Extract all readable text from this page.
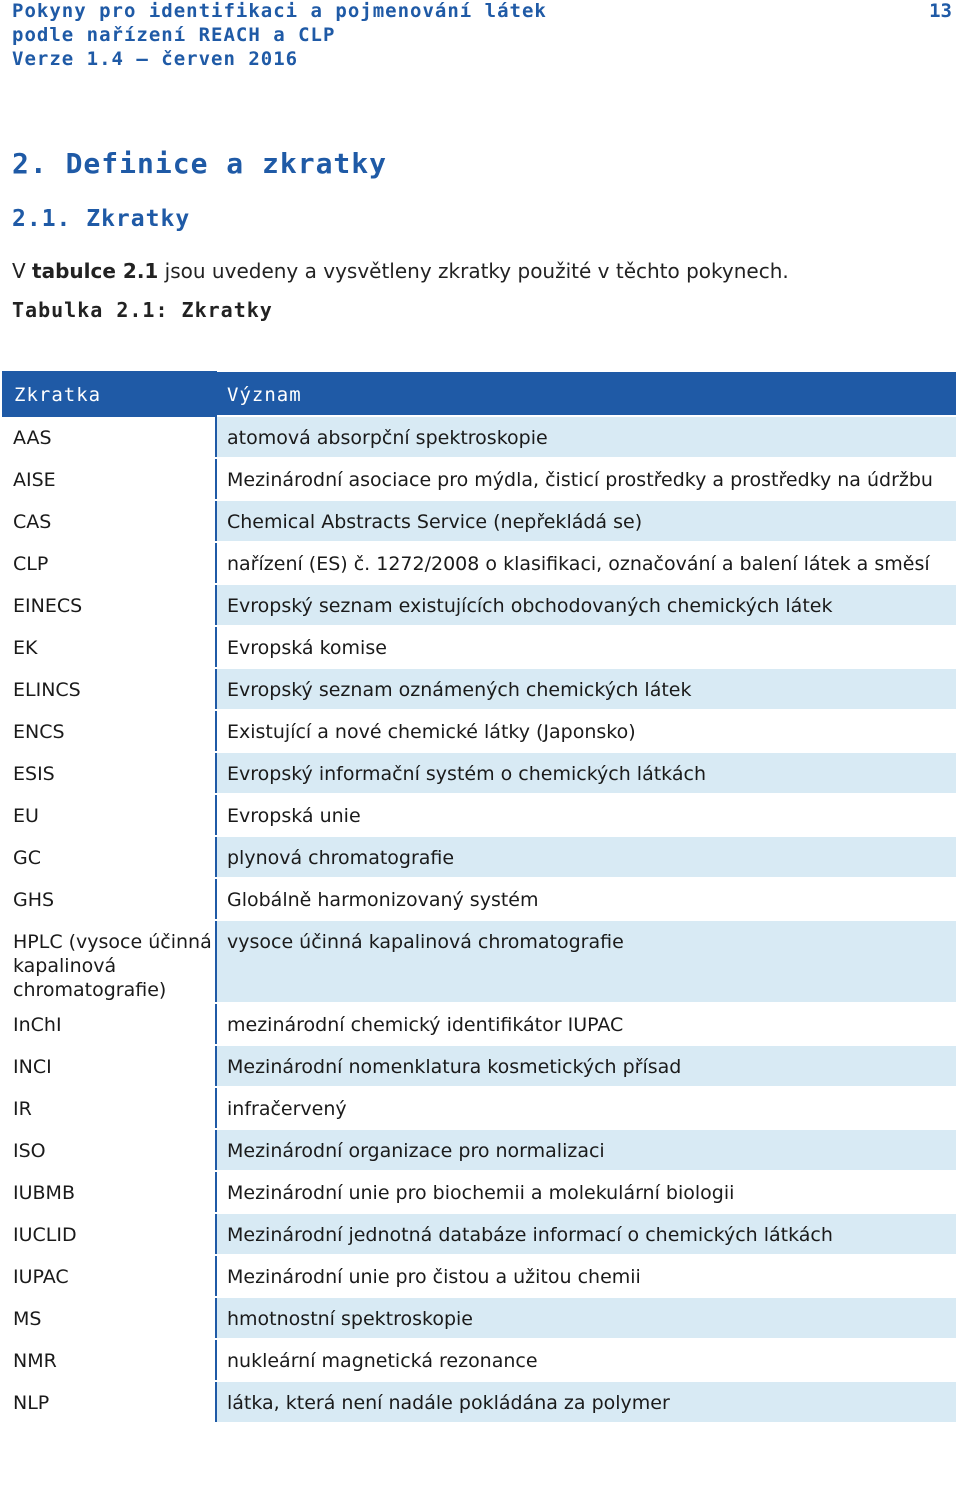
Pokyny pro identifikaci a pojmenování látek
podle nařízení REACH a CLP
Verze 1.4 – červen 2016
13
2. Definice a zkratky
2.1. Zkratky
V tabulce 2.1 jsou uvedeny a vysvětleny zkratky použité v těchto pokynech.
Tabulka 2.1: Zkratky
Zkratka	Význam
AAS	atomová absorpční spektroskopie
AISE	Mezinárodní asociace pro mýdla, čisticí prostředky a prostředky na údržbu
CAS	Chemical Abstracts Service (nepřekládá se)
CLP	nařízení (ES) č. 1272/2008 o klasifikaci, označování a balení látek a směsí
EINECS	Evropský seznam existujících obchodovaných chemických látek
EK	Evropská komise
ELINCS	Evropský seznam oznámených chemických látek
ENCS	Existující a nové chemické látky (Japonsko)
ESIS	Evropský informační systém o chemických látkách
EU	Evropská unie
GC	plynová chromatografie
GHS	Globálně harmonizovaný systém
HPLC (vysoce účinná kapalinová chromatografie)	vysoce účinná kapalinová chromatografie
InChI	mezinárodní chemický identifikátor IUPAC
INCI	Mezinárodní nomenklatura kosmetických přísad
IR	infračervený
ISO	Mezinárodní organizace pro normalizaci
IUBMB	Mezinárodní unie pro biochemii a molekulární biologii
IUCLID	Mezinárodní jednotná databáze informací o chemických látkách
IUPAC	Mezinárodní unie pro čistou a užitou chemii
MS	hmotnostní spektroskopie
NMR	nukleární magnetická rezonance
NLP	látka, která není nadále pokládána za polymer
